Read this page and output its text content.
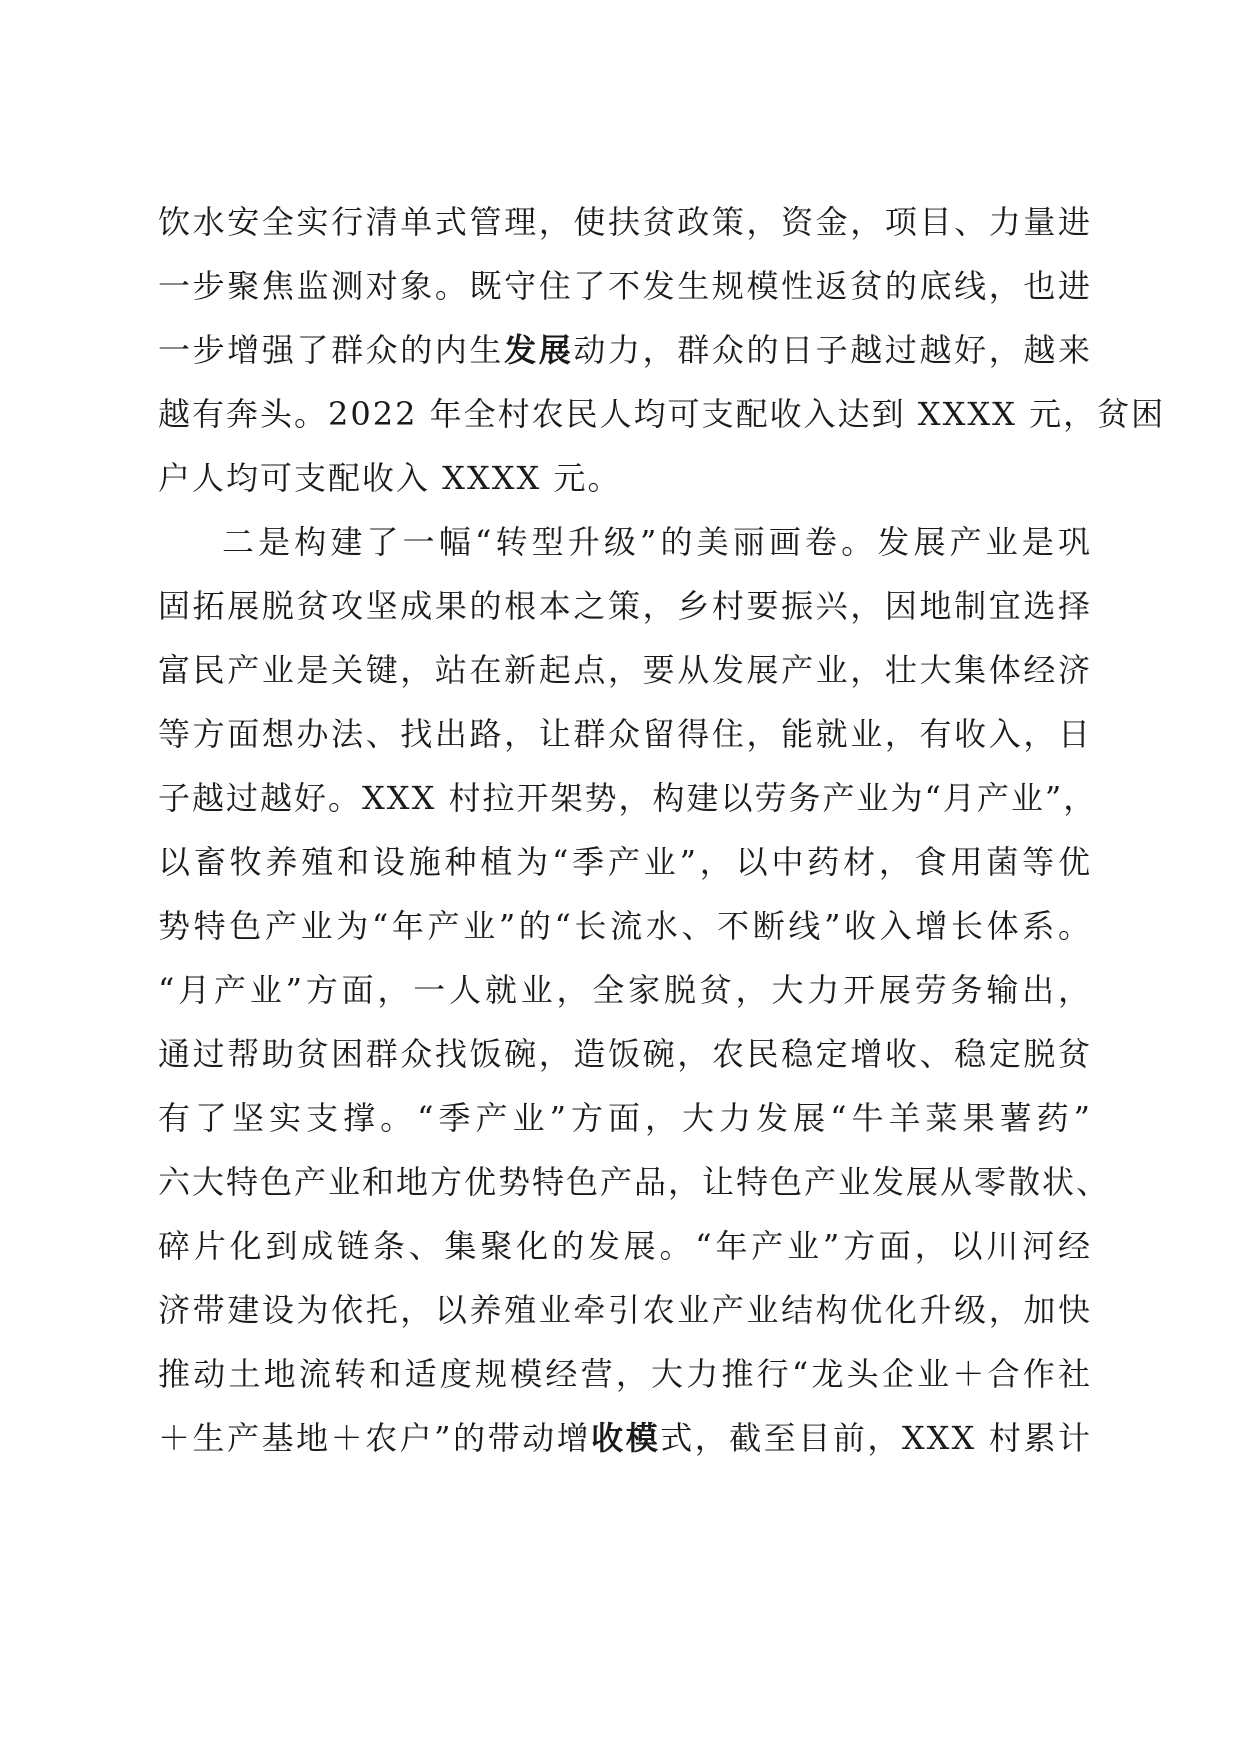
饮水安全实行清单式管理，使扶贫政策，资金，项目、力量进
一步聚焦监测对象。既守住了不发生规模性返贫的底线，也进
一步增强了群众的内生发展动力，群众的日子越过越好，越来
越有奔头。2022 年全村农民人均可支配收入达到 XXXX 元，贫困
户人均可支配收入 XXXX 元。
二是构建了一幅“转型升级”的美丽画卷。发展产业是巩
固拓展脱贫攻坚成果的根本之策，乡村要振兴，因地制宜选择
富民产业是关键，站在新起点，要从发展产业，壮大集体经济
等方面想办法、找出路，让群众留得住，能就业，有收入，日
子越过越好。XXX 村拉开架势，构建以劳务产业为“月产业”，
以畜牧养殖和设施种植为“季产业”，以中药材，食用菌等优
势特色产业为“年产业”的“长流水、不断线”收入增长体系。
“月产业”方面，一人就业，全家脱贫，大力开展劳务输出，
通过帮助贫困群众找饭碗，造饭碗，农民稳定增收、稳定脱贫
有了坚实支撑。“季产业”方面，大力发展“牛羊菜果薯药”
六大特色产业和地方优势特色产品，让特色产业发展从零散状、
碎片化到成链条、集聚化的发展。“年产业”方面，以川河经
济带建设为依托，以养殖业牵引农业产业结构优化升级，加快
推动土地流转和适度规模经营，大力推行“龙头企业＋合作社
＋生产基地＋农户”的带动增收模式，截至目前，XXX 村累计
